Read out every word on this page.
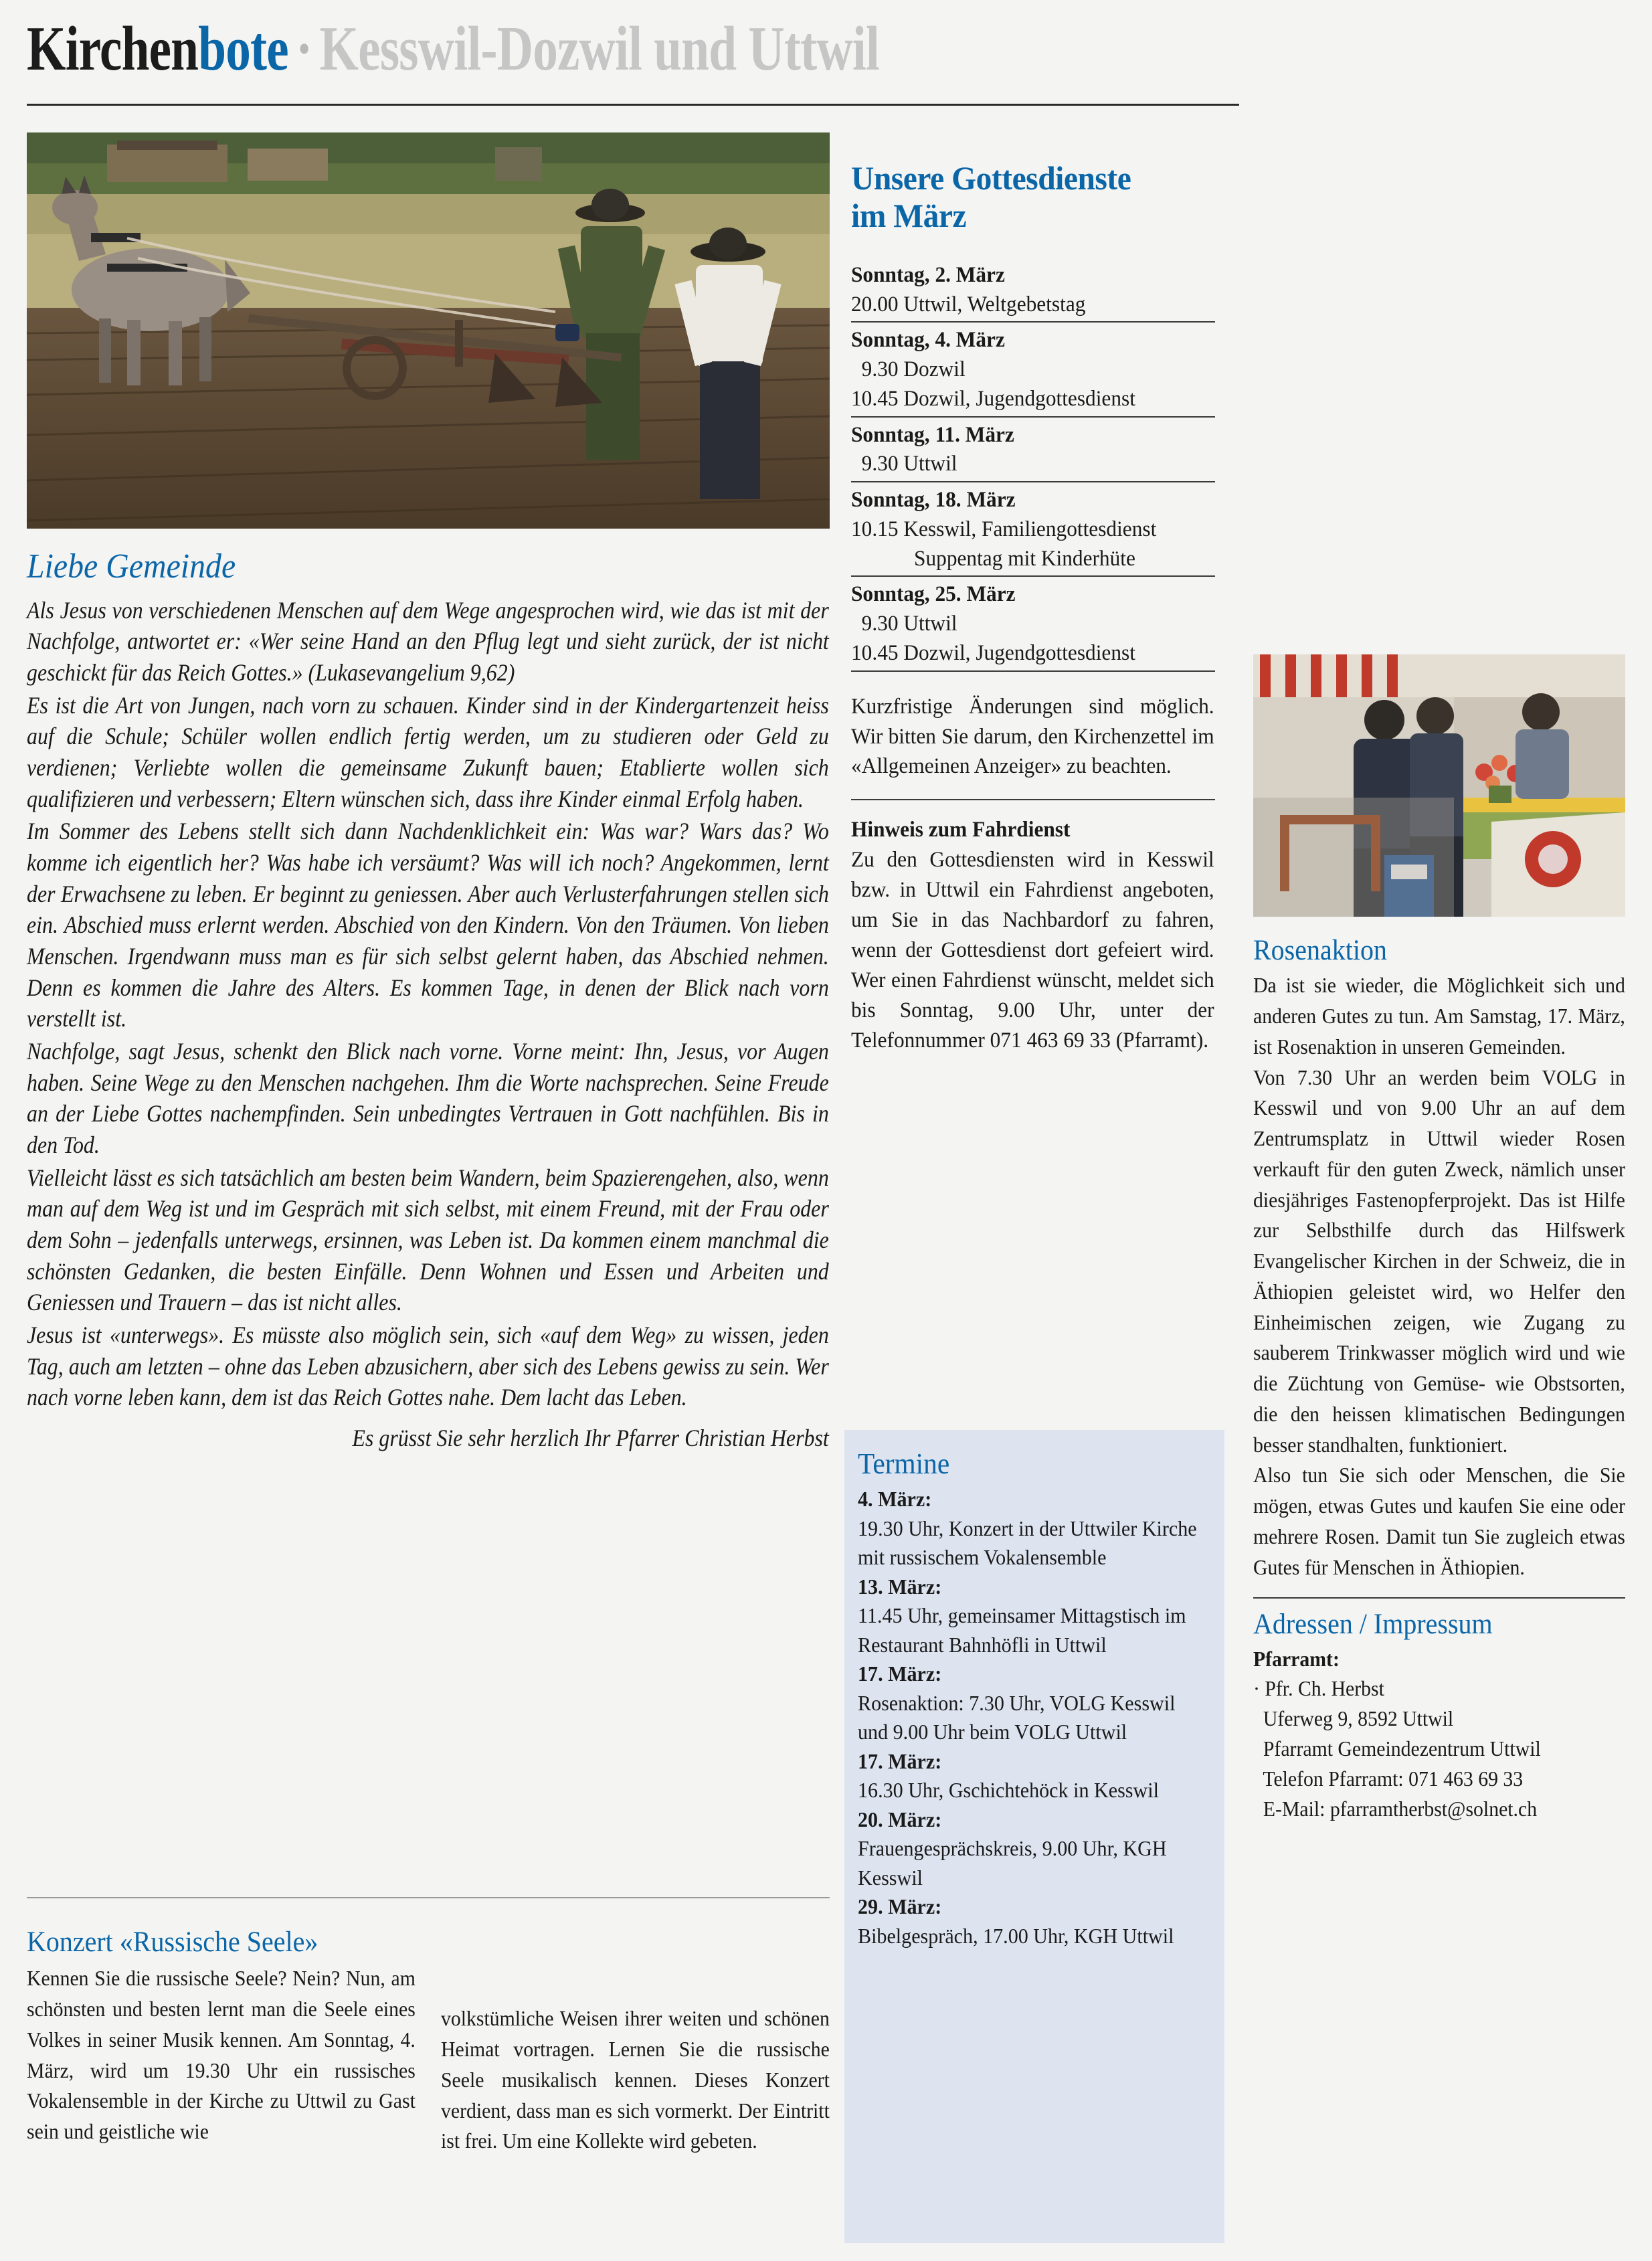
Kirchenbote · Kesswil-Dozwil und Uttwil
Liebe Gemeinde

Als Jesus von verschiedenen Menschen auf dem Wege angesprochen wird, wie das ist mit der Nachfolge, antwortet er: «Wer seine Hand an den Pflug legt und sieht zurück, der ist nicht geschickt für das Reich Gottes.» (Lukasevangelium 9,62)

Es ist die Art von Jungen, nach vorn zu schauen. Kinder sind in der Kindergartenzeit heiss auf die Schule; Schüler wollen endlich fertig werden, um zu studieren oder Geld zu verdienen; Verliebte wollen die gemeinsame Zukunft bauen; Etablierte wollen sich qualifizieren und verbessern; Eltern wünschen sich, dass ihre Kinder einmal Erfolg haben.

Im Sommer des Lebens stellt sich dann Nachdenklichkeit ein: Was war? Wars das? Wo komme ich eigentlich her? Was habe ich versäumt? Was will ich noch? Angekommen, lernt der Erwachsene zu leben. Er beginnt zu geniessen. Aber auch Verlusterfahrungen stellen sich ein. Abschied muss erlernt werden. Abschied von den Kindern. Von den Träumen. Von lieben Menschen. Irgendwann muss man es für sich selbst gelernt haben, das Abschied nehmen. Denn es kommen die Jahre des Alters. Es kommen Tage, in denen der Blick nach vorn verstellt ist.

Nachfolge, sagt Jesus, schenkt den Blick nach vorne. Vorne meint: Ihn, Jesus, vor Augen haben. Seine Wege zu den Menschen nachgehen. Ihm die Worte nachsprechen. Seine Freude an der Liebe Gottes nachempfinden. Sein unbedingtes Vertrauen in Gott nachfühlen. Bis in den Tod.

Vielleicht lässt es sich tatsächlich am besten beim Wandern, beim Spazierengehen, also, wenn man auf dem Weg ist und im Gespräch mit sich selbst, mit einem Freund, mit der Frau oder dem Sohn – jedenfalls unterwegs, ersinnen, was Leben ist. Da kommen einem manchmal die schönsten Gedanken, die besten Einfälle. Denn Wohnen und Essen und Arbeiten und Geniessen und Trauern – das ist nicht alles.

Jesus ist «unterwegs». Es müsste also möglich sein, sich «auf dem Weg» zu wissen, jeden Tag, auch am letzten – ohne das Leben abzusichern, aber sich des Lebens gewiss zu sein. Wer nach vorne leben kann, dem ist das Reich Gottes nahe. Dem lacht das Leben.

Es grüsst Sie sehr herzlich Ihr Pfarrer Christian Herbst

Konzert «Russische Seele»

Kennen Sie die russische Seele? Nein? Nun, am schönsten und besten lernt man die Seele eines Volkes in seiner Musik kennen. Am Sonntag, 4. März, wird um 19.30 Uhr ein russisches Vokalensemble in der Kirche zu Uttwil zu Gast sein und geistliche wie

volkstümliche Weisen ihrer weiten und schönen Heimat vortragen. Lernen Sie die russische Seele musikalisch kennen. Dieses Konzert verdient, dass man es sich vormerkt. Der Eintritt ist frei. Um eine Kollekte wird gebeten.

Unsere Gottesdienste
im März
Sonntag, 2. März
20.00 Uttwil, Weltgebetstag
Sonntag, 4. März
9.30 Dozwil
10.45 Dozwil, Jugendgottesdienst
Sonntag, 11. März
9.30 Uttwil
Sonntag, 18. März
10.15 Kesswil, Familiengottesdienst
Suppentag mit Kinderhüte
Sonntag, 25. März
9.30 Uttwil
10.45 Dozwil, Jugendgottesdienst
Kurzfristige Änderungen sind möglich. Wir bitten Sie darum, den Kirchenzettel im «Allgemeinen Anzeiger» zu beachten.
Hinweis zum Fahrdienst
Zu den Gottesdiensten wird in Kesswil bzw. in Uttwil ein Fahrdienst angeboten, um Sie in das Nachbardorf zu fahren, wenn der Gottesdienst dort gefeiert wird. Wer einen Fahrdienst wünscht, meldet sich bis Sonntag, 9.00 Uhr, unter der Telefonnummer 071 463 69 33 (Pfarramt).
Termine
4. März:
19.30 Uhr, Konzert in der Uttwiler Kirche mit russischem Vokalensemble
13. März:
11.45 Uhr, gemeinsamer Mittagstisch im Restaurant Bahnhöfli in Uttwil
17. März:
Rosenaktion: 7.30 Uhr, VOLG Kesswil und 9.00 Uhr beim VOLG Uttwil
17. März:
16.30 Uhr, Gschichtehöck in Kesswil
20. März:
Frauengesprächskreis, 9.00 Uhr, KGH Kesswil
29. März:
Bibelgespräch, 17.00 Uhr, KGH Uttwil
Rosenaktion

Da ist sie wieder, die Möglichkeit sich und anderen Gutes zu tun. Am Samstag, 17. März, ist Rosenaktion in unseren Gemeinden.

Von 7.30 Uhr an werden beim VOLG in Kesswil und von 9.00 Uhr an auf dem Zentrumsplatz in Uttwil wieder Rosen verkauft für den guten Zweck, nämlich unser diesjähriges Fastenopferprojekt. Das ist Hilfe zur Selbsthilfe durch das Hilfswerk Evangelischer Kirchen in der Schweiz, die in Äthiopien geleistet wird, wo Helfer den Einheimischen zeigen, wie Zugang zu sauberem Trinkwasser möglich wird und wie die Züchtung von Gemüse- wie Obstsorten, die den heissen klimatischen Bedingungen besser standhalten, funktioniert.

Also tun Sie sich oder Menschen, die Sie mögen, etwas Gutes und kaufen Sie eine oder mehrere Rosen. Damit tun Sie zugleich etwas Gutes für Menschen in Äthiopien.

Adressen / Impressum
Pfarramt:
· Pfr. Ch. Herbst
Uferweg 9, 8592 Uttwil
Pfarramt Gemeindezentrum Uttwil
Telefon Pfarramt: 071 463 69 33
E-Mail: pfarramtherbst@solnet.ch
